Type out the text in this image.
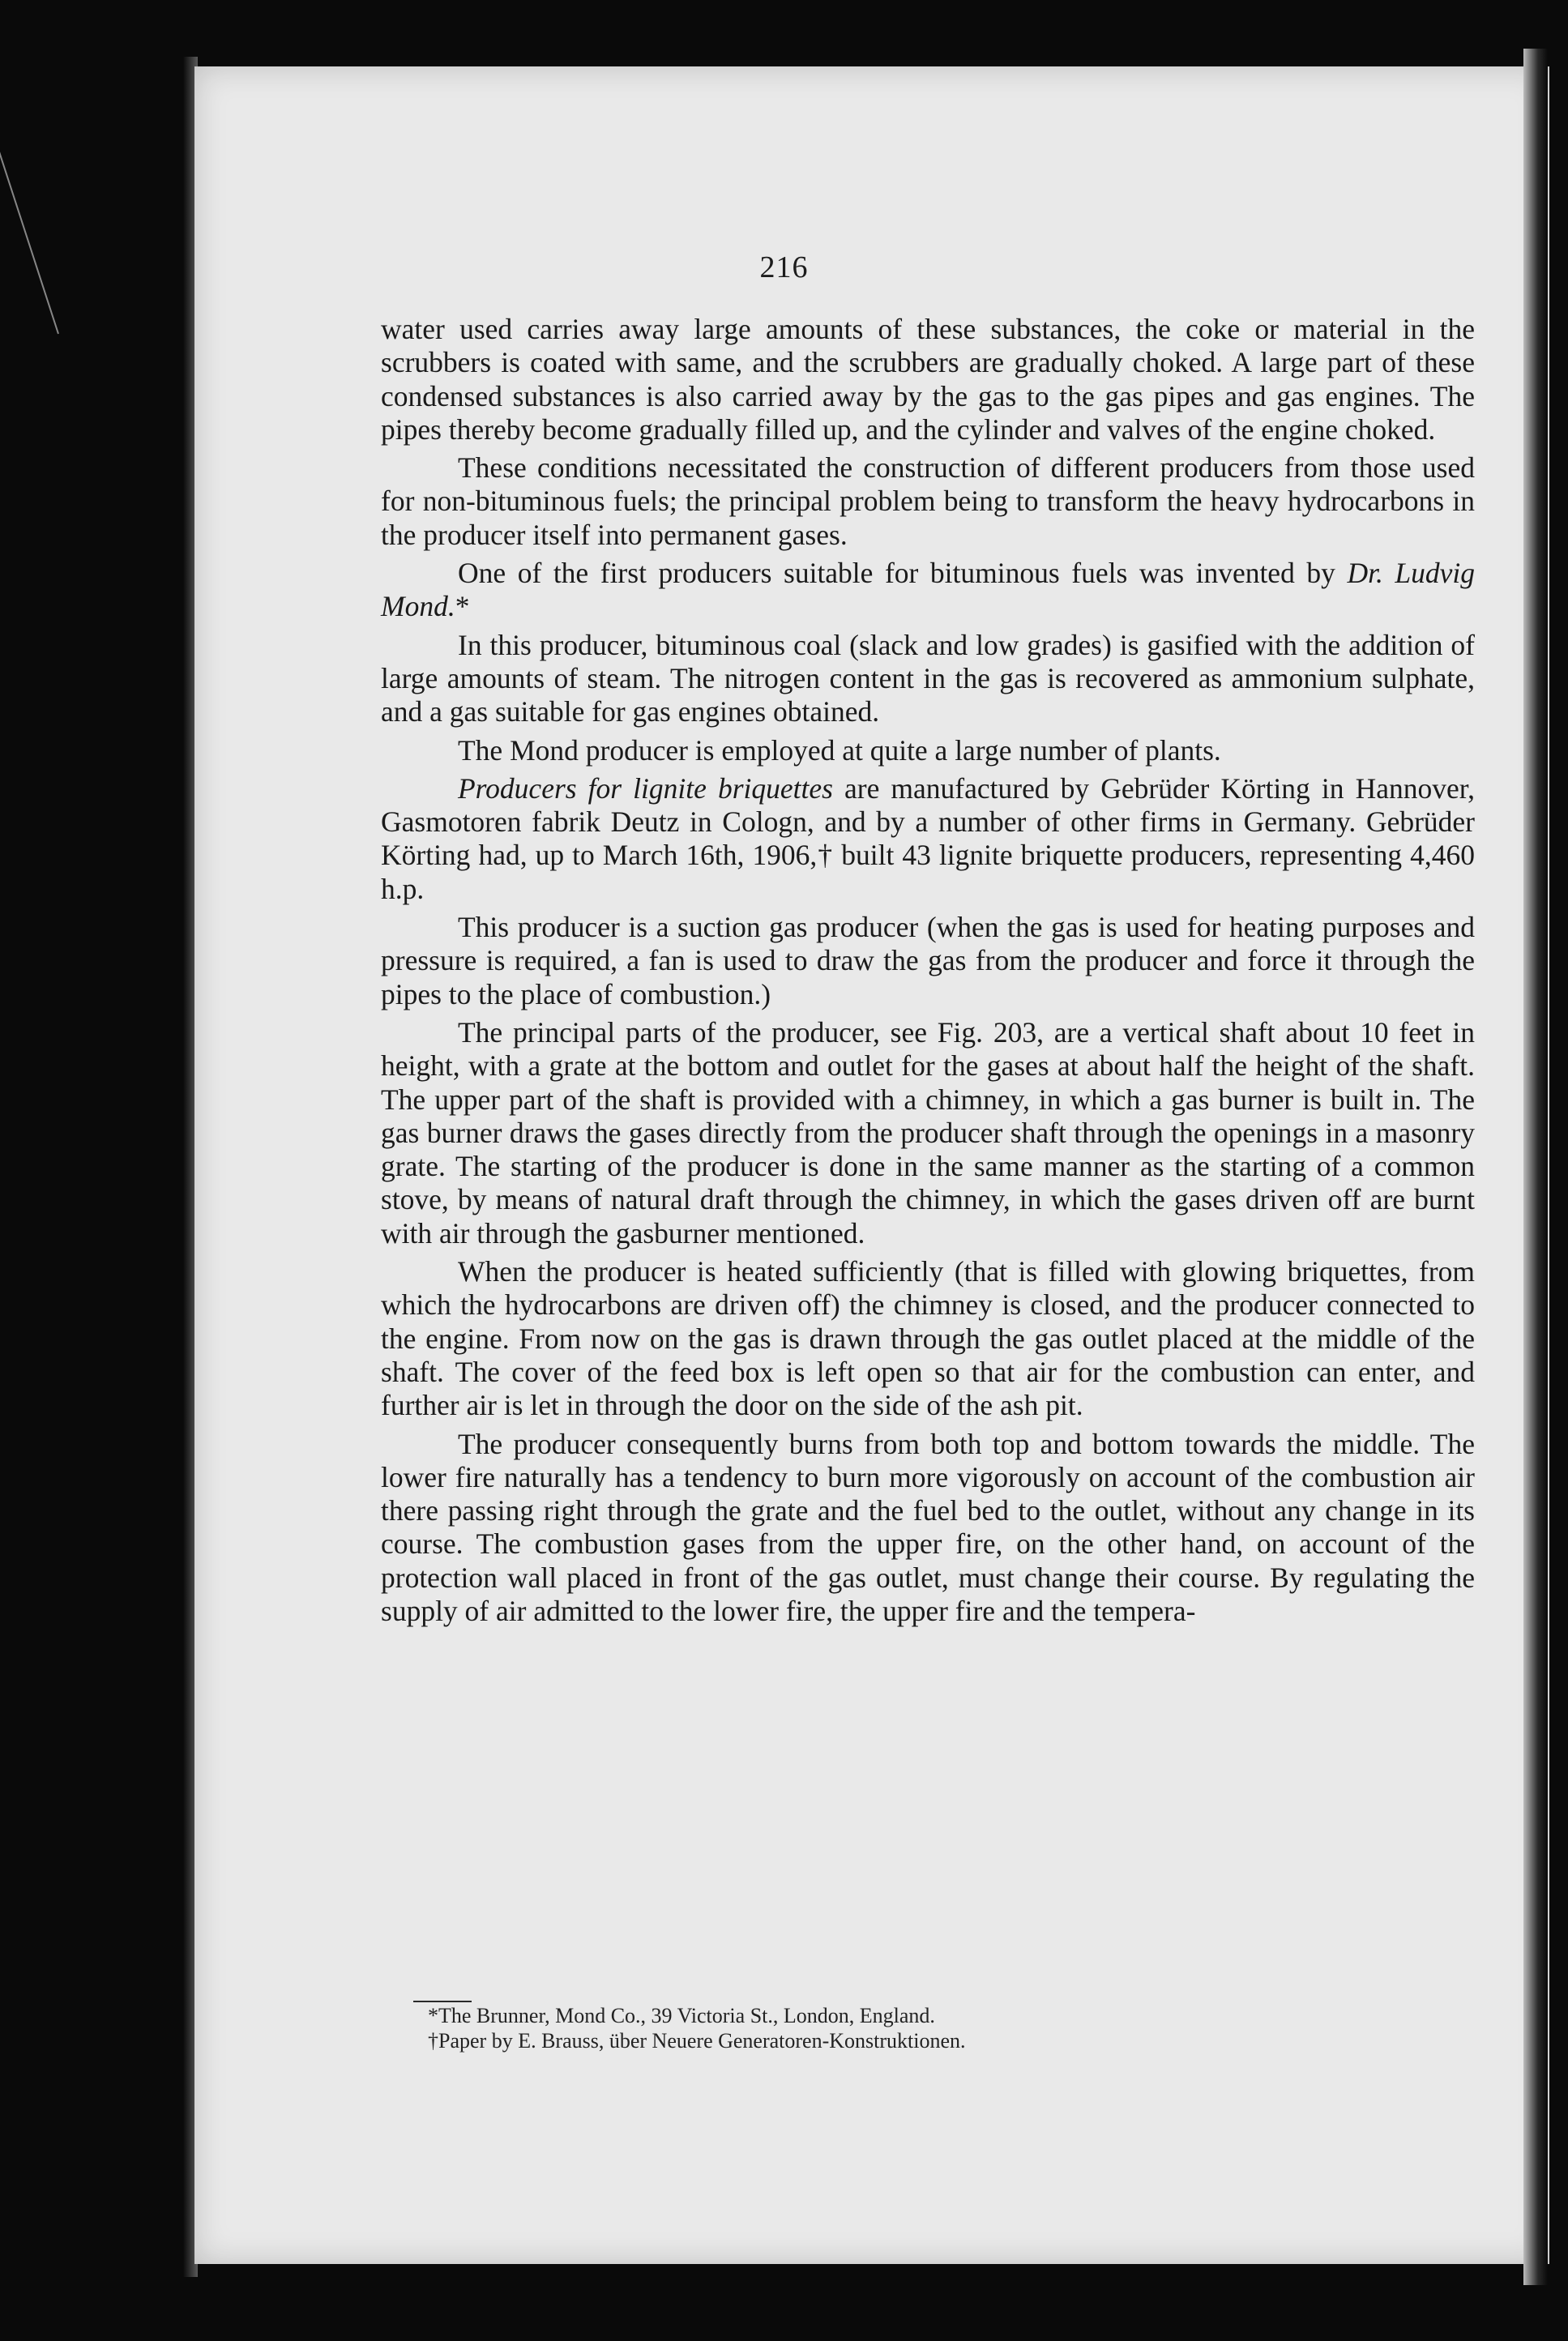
216

water used carries away large amounts of these substances, the coke or material in the scrubbers is coated with same, and the scrubbers are gradually choked. A large part of these condensed substances is also carried away by the gas to the gas pipes and gas engines. The pipes thereby become gradually filled up, and the cylinder and valves of the engine choked.

These conditions necessitated the construction of different producers from those used for non-bituminous fuels; the principal problem being to transform the heavy hydrocarbons in the producer itself into permanent gases.

One of the first producers suitable for bituminous fuels was invented by Dr. Ludvig Mond.*

In this producer, bituminous coal (slack and low grades) is gasified with the addition of large amounts of steam. The nitrogen content in the gas is recovered as ammonium sulphate, and a gas suitable for gas engines obtained.

The Mond producer is employed at quite a large number of plants.

Producers for lignite briquettes are manufactured by Gebrüder Körting in Hannover, Gasmotoren fabrik Deutz in Cologn, and by a number of other firms in Germany. Gebrüder Körting had, up to March 16th, 1906,† built 43 lignite briquette producers, representing 4,460 h.p.

This producer is a suction gas producer (when the gas is used for heating purposes and pressure is required, a fan is used to draw the gas from the producer and force it through the pipes to the place of combustion.)

The principal parts of the producer, see Fig. 203, are a vertical shaft about 10 feet in height, with a grate at the bottom and outlet for the gases at about half the height of the shaft. The upper part of the shaft is provided with a chimney, in which a gas burner is built in. The gas burner draws the gases directly from the producer shaft through the openings in a masonry grate. The starting of the producer is done in the same manner as the starting of a common stove, by means of natural draft through the chimney, in which the gases driven off are burnt with air through the gasburner mentioned.

When the producer is heated sufficiently (that is filled with glowing briquettes, from which the hydrocarbons are driven off) the chimney is closed, and the producer connected to the engine. From now on the gas is drawn through the gas outlet placed at the middle of the shaft. The cover of the feed box is left open so that air for the combustion can enter, and further air is let in through the door on the side of the ash pit.

The producer consequently burns from both top and bottom towards the middle. The lower fire naturally has a tendency to burn more vigorously on account of the combustion air there passing right through the grate and the fuel bed to the outlet, without any change in its course. The combustion gases from the upper fire, on the other hand, on account of the protection wall placed in front of the gas outlet, must change their course. By regulating the supply of air admitted to the lower fire, the upper fire and the tempera-

*The Brunner, Mond Co., 39 Victoria St., London, England.
†Paper by E. Brauss, über Neuere Generatoren-Konstruktionen.
